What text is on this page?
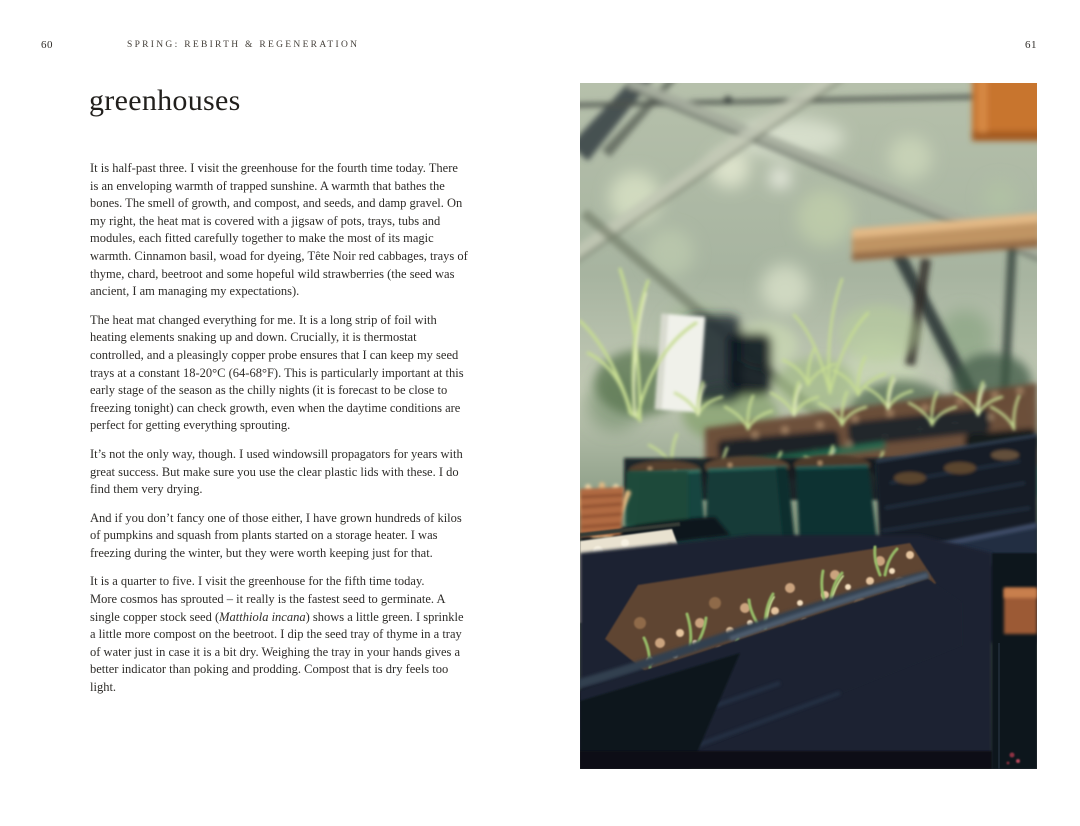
60	SPRING: REBIRTH & REGENERATION	61
greenhouses

It is half-past three. I visit the greenhouse for the fourth time today. There is an enveloping warmth of trapped sunshine. A warmth that bathes the bones. The smell of growth, and compost, and seeds, and damp gravel. On my right, the heat mat is covered with a jigsaw of pots, trays, tubs and modules, each fitted carefully together to make the most of its magic warmth. Cinnamon basil, woad for dyeing, Tête Noir red cabbages, trays of thyme, chard, beetroot and some hopeful wild strawberries (the seed was ancient, I am managing my expectations).

The heat mat changed everything for me. It is a long strip of foil with heating elements snaking up and down. Crucially, it is thermostat controlled, and a pleasingly copper probe ensures that I can keep my seed trays at a constant 18-20°C (64-68°F). This is particularly important at this early stage of the season as the chilly nights (it is forecast to be close to freezing tonight) can check growth, even when the daytime conditions are perfect for getting everything sprouting.

It’s not the only way, though. I used windowsill propagators for years with great success. But make sure you use the clear plastic lids with these. I do find them very drying.

And if you don’t fancy one of those either, I have grown hundreds of kilos of pumpkins and squash from plants started on a storage heater. I was freezing during the winter, but they were worth keeping just for that.

It is a quarter to five. I visit the greenhouse for the fifth time today.
More cosmos has sprouted – it really is the fastest seed to germinate. A single copper stock seed (Matthiola incana) shows a little green. I sprinkle a little more compost on the beetroot. I dip the seed tray of thyme in a tray of water just in case it is a bit dry. Weighing the tray in your hands gives a better indicator than poking and prodding. Compost that is dry feels too light.
